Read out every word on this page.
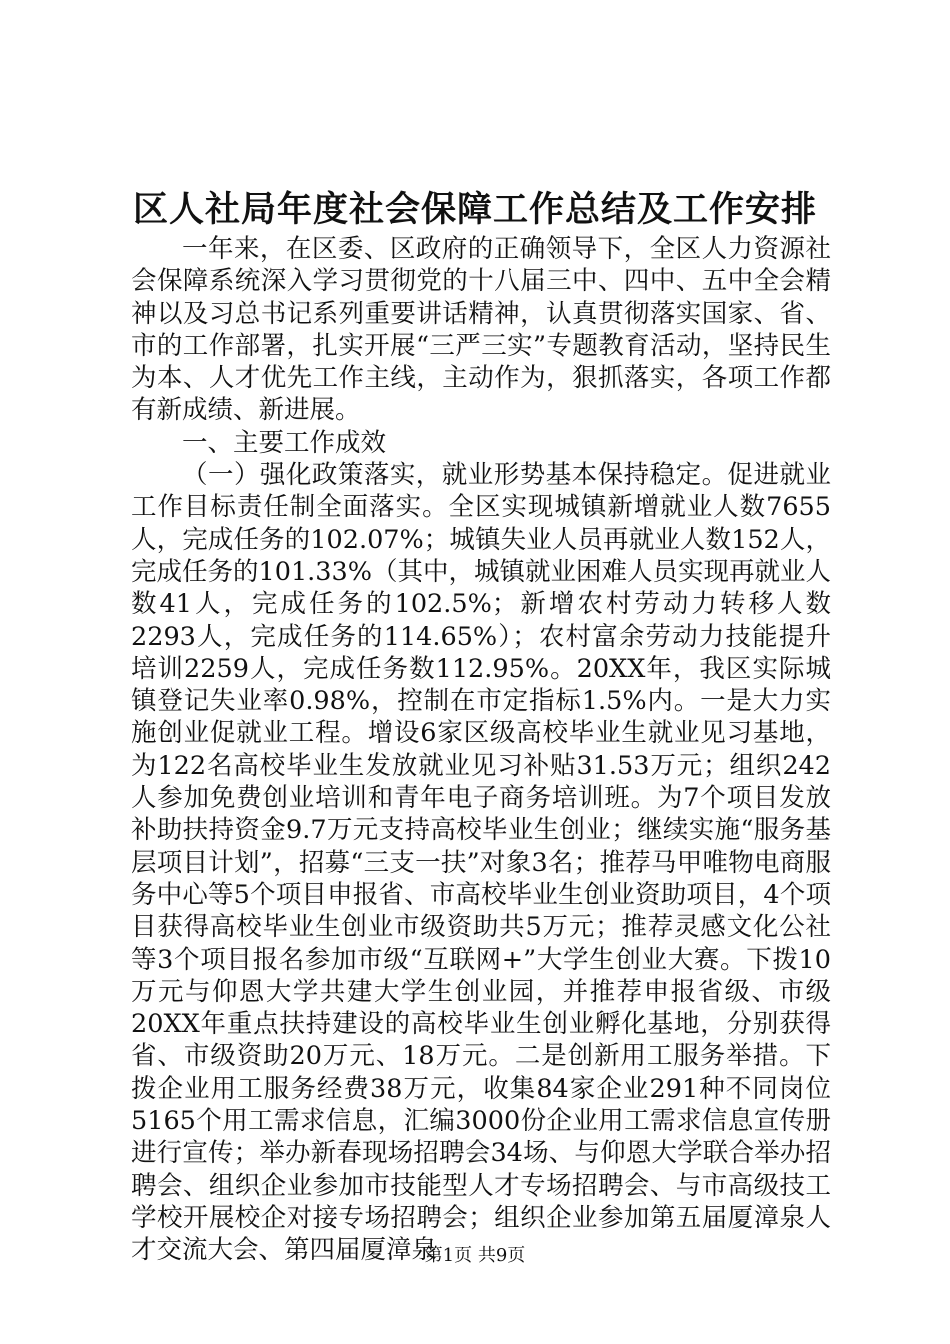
区人社局年度社会保障工作总结及工作安排

一年来，在区委、区政府的正确领导下，全区人力资源社会保障系统深入学习贯彻党的十八届三中、四中、五中全会精神以及习总书记系列重要讲话精神，认真贯彻落实国家、省、市的工作部署，扎实开展“三严三实”专题教育活动，坚持民生为本、人才优先工作主线，主动作为，狠抓落实，各项工作都有新成绩、新进展。

一、主要工作成效

（一）强化政策落实，就业形势基本保持稳定。促进就业工作目标责任制全面落实。全区实现城镇新增就业人数7655人，完成任务的102.07%；城镇失业人员再就业人数152人，完成任务的101.33%（其中，城镇就业困难人员实现再就业人数41人，完成任务的102.5%；新增农村劳动力转移人数2293人，完成任务的114.65%）；农村富余劳动力技能提升培训2259人，完成任务数112.95%。20XX年，我区实际城镇登记失业率0.98%，控制在市定指标1.5%内。一是大力实施创业促就业工程。增设6家区级高校毕业生就业见习基地，为122名高校毕业生发放就业见习补贴31.53万元；组织242人参加免费创业培训和青年电子商务培训班。为7个项目发放补助扶持资金9.7万元支持高校毕业生创业；继续实施“服务基层项目计划”，招募“三支一扶”对象3名；推荐马甲唯物电商服务中心等5个项目申报省、市高校毕业生创业资助项目，4个项目获得高校毕业生创业市级资助共5万元；推荐灵感文化公社等3个项目报名参加市级“互联网+”大学生创业大赛。下拨10万元与仰恩大学共建大学生创业园，并推荐申报省级、市级20XX年重点扶持建设的高校毕业生创业孵化基地，分别获得省、市级资助20万元、18万元。二是创新用工服务举措。下拨企业用工服务经费38万元，收集84家企业291种不同岗位5165个用工需求信息，汇编3000份企业用工需求信息宣传册进行宣传；举办新春现场招聘会34场、与仰恩大学联合举办招聘会、组织企业参加市技能型人才专场招聘会、与市高级技工学校开展校企对接专场招聘会；组织企业参加第五届厦漳泉人才交流大会、第四届厦漳泉

第1页 共9页
